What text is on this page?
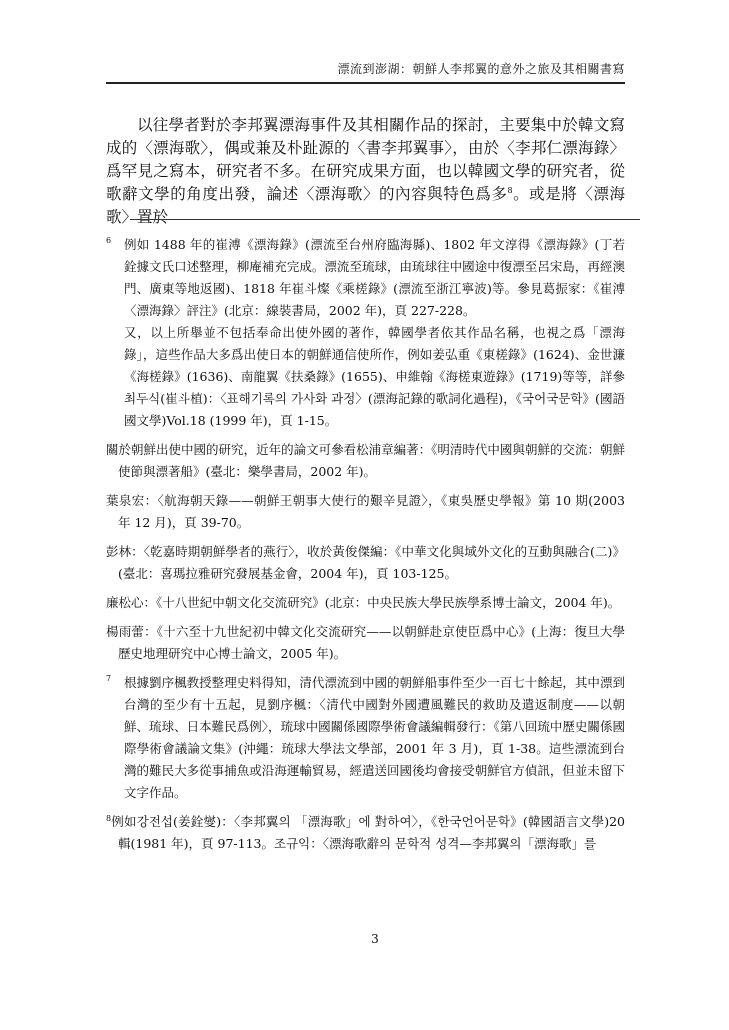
漂流到澎湖：朝鮮人李邦翼的意外之旅及其相關書寫

以往學者對於李邦翼漂海事件及其相關作品的探討，主要集中於韓文寫成的〈漂海歌〉，偶或兼及朴趾源的〈書李邦翼事〉，由於〈李邦仁漂海錄〉爲罕見之寫本，研究者不多。在研究成果方面，也以韓國文學的研究者，從歌辭文學的角度出發，論述〈漂海歌〉的內容與特色爲多$^8$。或是將〈漂海歌〉置於

6 例如 1488 年的崔溥《漂海錄》(漂流至台州府臨海縣)、1802 年文淳得《漂海錄》(丁若銓據文氏口述整理，柳庵補充完成。漂流至琉球，由琉球往中國途中復漂至呂宋島，再經澳門、廣東等地返國)、1818 年崔斗燦《乘槎錄》(漂流至浙江寧波)等。參見葛振家：《崔溥〈漂海錄〉評注》(北京：線裝書局，2002 年)，頁 227-228。

又，以上所舉並不包括奉命出使外國的著作，韓國學者依其作品名稱，也視之爲「漂海錄」，這些作品大多爲出使日本的朝鮮通信使所作，例如姜弘重《東槎錄》(1624)、金世濂《海槎錄》(1636)、南龍翼《扶桑錄》(1655)、申維翰《海槎東遊錄》(1719)等等，詳參최두식(崔斗植)：〈표해기록의 가사화 과정〉(漂海記錄的歌詞化過程)，《국어국문학》(國語國文學)Vol.18 (1999 年)，頁 1-15。

關於朝鮮出使中國的研究，近年的論文可參看松浦章編著：《明清時代中國與朝鮮的交流：朝鮮使節與漂著船》(臺北：樂學書局，2002 年)。

葉泉宏：〈航海朝天錄——朝鮮王朝事大使行的艱辛見證〉，《東吳歷史學報》第 10 期(2003 年 12 月)，頁 39-70。

彭林：〈乾嘉時期朝鮮學者的燕行〉，收於黃俊傑編：《中華文化與域外文化的互動與融合(二)》(臺北：喜瑪拉雅研究發展基金會，2004 年)，頁 103-125。

廉松心：《十八世紀中朝文化交流研究》(北京：中央民族大學民族學系博士論文，2004 年)。

楊雨蕾：《十六至十九世紀初中韓文化交流研究——以朝鮮赴京使臣爲中心》(上海：復旦大學歷史地理研究中心博士論文，2005 年)。

7 根據劉序楓教授整理史料得知，清代漂流到中國的朝鮮船事件至少一百七十餘起，其中漂到台灣的至少有十五起，見劉序楓：〈清代中國對外國遭風難民的救助及遣返制度——以朝鮮、琉球、日本難民爲例〉，琉球中國關係國際學術會議編輯發行：《第八回琉中歷史關係國際學術會議論文集》(沖繩：琉球大學法文學部，2001 年 3 月)，頁 1-38。這些漂流到台灣的難民大多從事捕魚或沿海運輸貿易，經遣送回國後均會接受朝鮮官方偵訊，但並未留下文字作品。

$^8$例如강전섭(姜銓燮)：〈李邦翼의 「漂海歌」에 對하여〉，《한국언어문학》(韓國語言文學)20 輯(1981 年)，頁 97-113。조규익：〈漂海歌辭의 문학적 성격—李邦翼의「漂海歌」를

3
